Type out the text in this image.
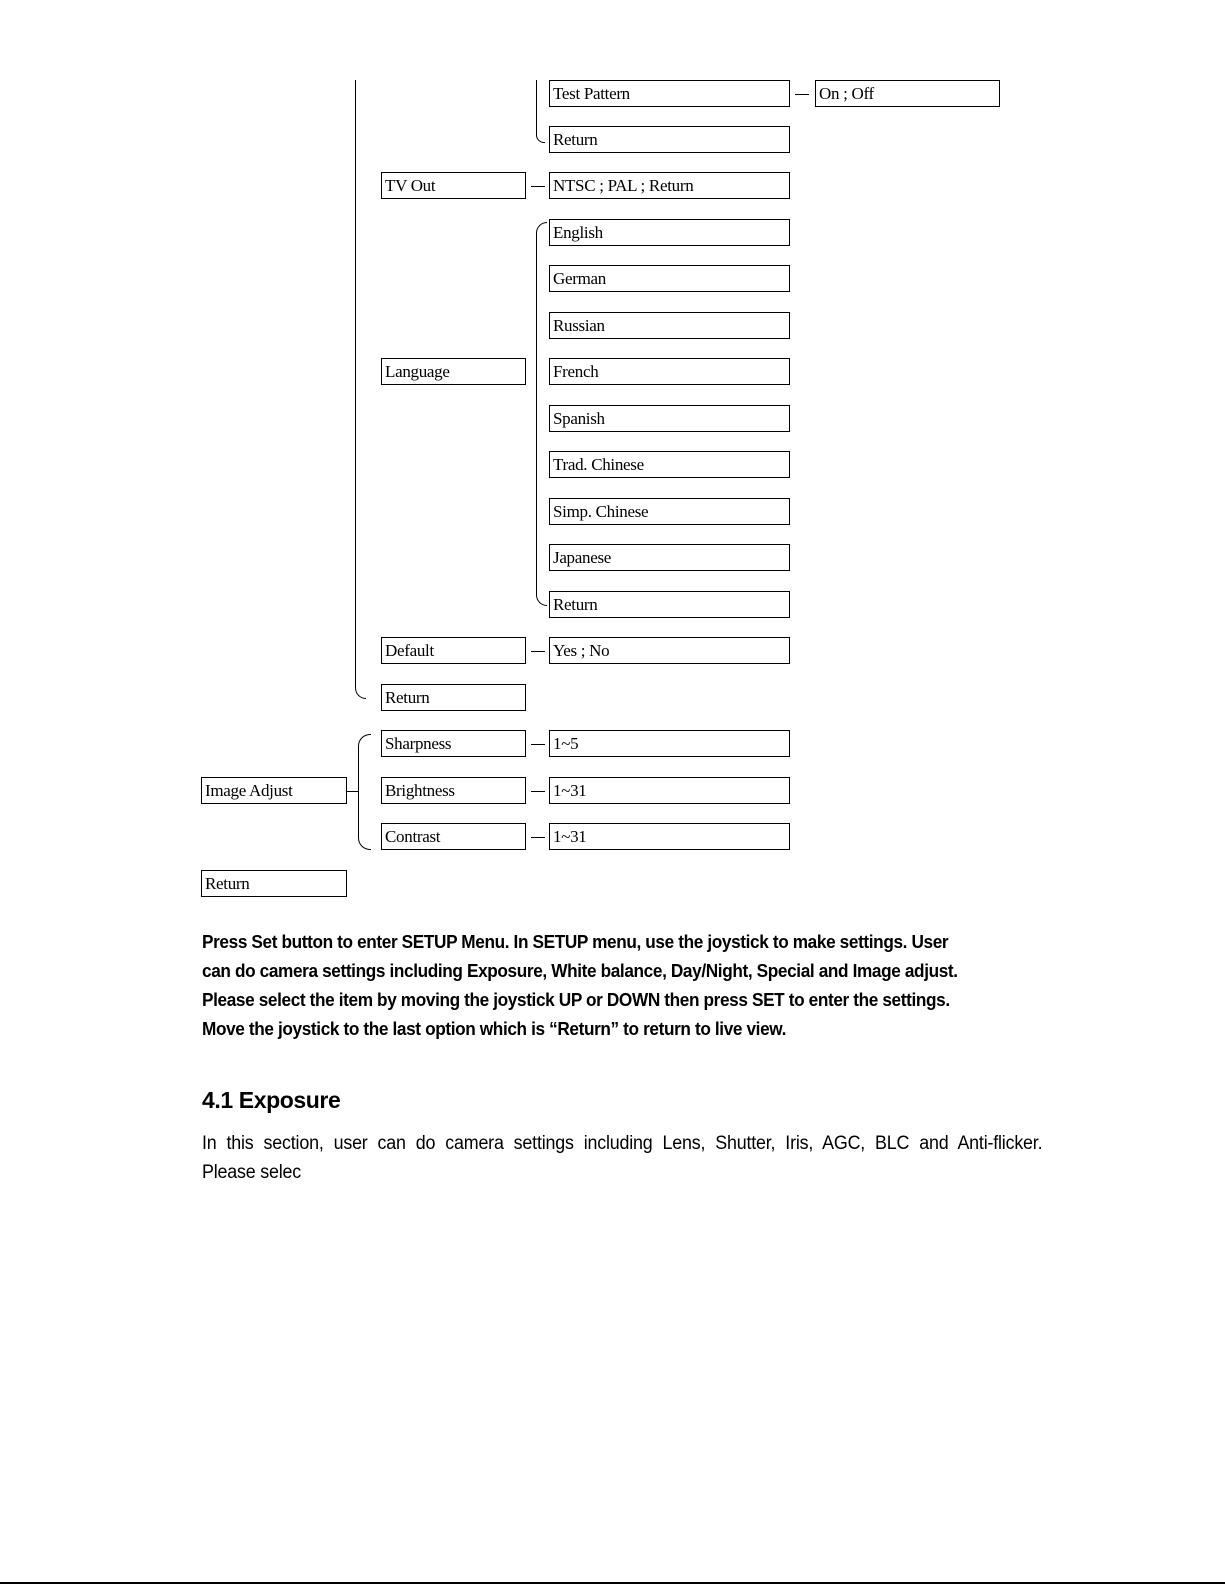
Test Pattern	On ; Off
Return
TV Out	NTSC ; PAL ; Return
English
German
Russian
Language	French
Spanish
Trad. Chinese
Simp. Chinese
Japanese
Return
Default	Yes ; No
Return
Sharpness	1~5
Image Adjust	Brightness	1~31
Contrast	1~31
Return
Press Set button to enter SETUP Menu. In SETUP menu, use the joystick to make settings. User
can do camera settings including Exposure, White balance, Day/Night, Special and Image adjust.
Please select the item by moving the joystick UP or DOWN then press SET to enter the settings.
Move the joystick to the last option which is “Return” to return to live view.
4.1 Exposure
In this section, user can do camera settings including Lens, Shutter, Iris, AGC, BLC and Anti-flicker.
Please selec
